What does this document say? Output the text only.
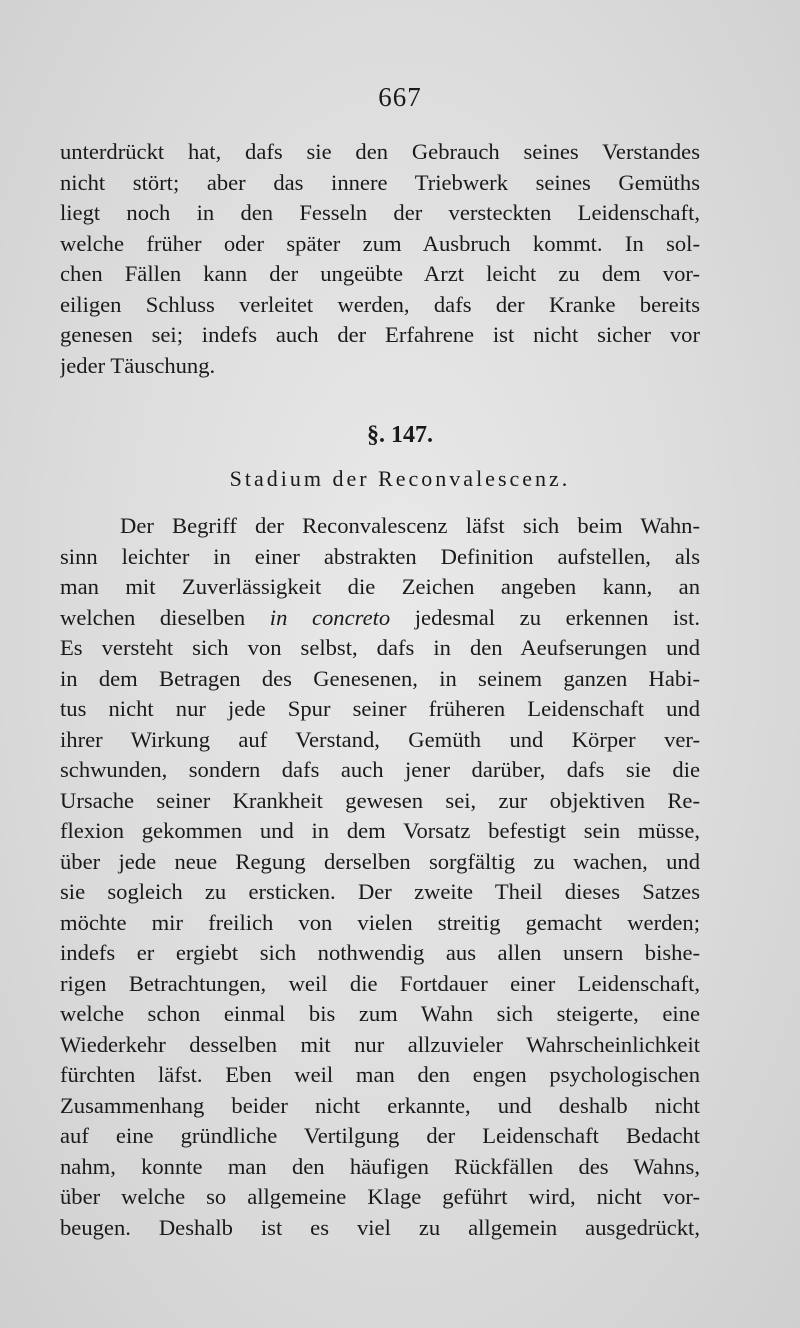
667
unterdrückt hat, dafs sie den Gebrauch seines Verstandes
nicht stört; aber das innere Triebwerk seines Gemüths
liegt noch in den Fesseln der versteckten Leidenschaft,
welche früher oder später zum Ausbruch kommt. In sol-
chen Fällen kann der ungeübte Arzt leicht zu dem vor-
eiligen Schluss verleitet werden, dafs der Kranke bereits
genesen sei; indefs auch der Erfahrene ist nicht sicher vor
jeder Täuschung.
§. 147.
Stadium der Reconvalescenz.
Der Begriff der Reconvalescenz läfst sich beim Wahn-
sinn leichter in einer abstrakten Definition aufstellen, als
man mit Zuverlässigkeit die Zeichen angeben kann, an
welchen dieselben in concreto jedesmal zu erkennen ist.
Es versteht sich von selbst, dafs in den Aeufserungen und
in dem Betragen des Genesenen, in seinem ganzen Habi-
tus nicht nur jede Spur seiner früheren Leidenschaft und
ihrer Wirkung auf Verstand, Gemüth und Körper ver-
schwunden, sondern dafs auch jener darüber, dafs sie die
Ursache seiner Krankheit gewesen sei, zur objektiven Re-
flexion gekommen und in dem Vorsatz befestigt sein müsse,
über jede neue Regung derselben sorgfältig zu wachen, und
sie sogleich zu ersticken. Der zweite Theil dieses Satzes
möchte mir freilich von vielen streitig gemacht werden;
indefs er ergiebt sich nothwendig aus allen unsern bishe-
rigen Betrachtungen, weil die Fortdauer einer Leidenschaft,
welche schon einmal bis zum Wahn sich steigerte, eine
Wiederkehr desselben mit nur allzuvieler Wahrscheinlichkeit
fürchten läfst. Eben weil man den engen psychologischen
Zusammenhang beider nicht erkannte, und deshalb nicht
auf eine gründliche Vertilgung der Leidenschaft Bedacht
nahm, konnte man den häufigen Rückfällen des Wahns,
über welche so allgemeine Klage geführt wird, nicht vor-
beugen. Deshalb ist es viel zu allgemein ausgedrückt,
